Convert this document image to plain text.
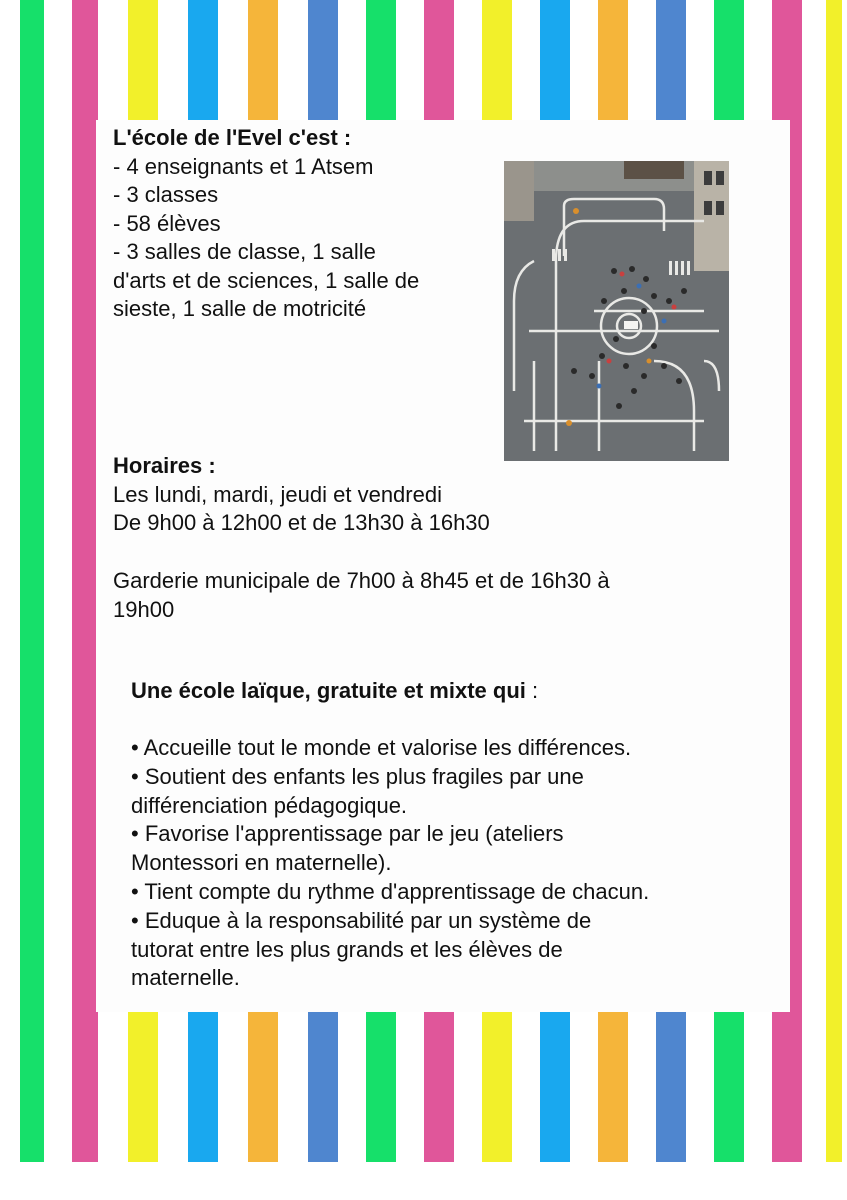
L'école de l'Evel c'est :
- 4 enseignants et 1 Atsem
- 3 classes
- 58 élèves
- 3 salles de classe, 1 salle
d'arts et de sciences, 1 salle de
sieste, 1 salle de motricité
Horaires :
Les lundi, mardi, jeudi et vendredi
De 9h00 à 12h00 et de 13h30 à 16h30
Garderie municipale de 7h00 à 8h45 et de 16h30 à
19h00
Une école laïque, gratuite et mixte qui :
• Accueille tout le monde et valorise les différences.
• Soutient des enfants les plus fragiles par une
différenciation pédagogique.
• Favorise l'apprentissage par le jeu (ateliers
Montessori en maternelle).
• Tient compte du rythme d'apprentissage de chacun.
• Eduque à la responsabilité par un système de
tutorat entre les plus grands et les élèves de
maternelle.
